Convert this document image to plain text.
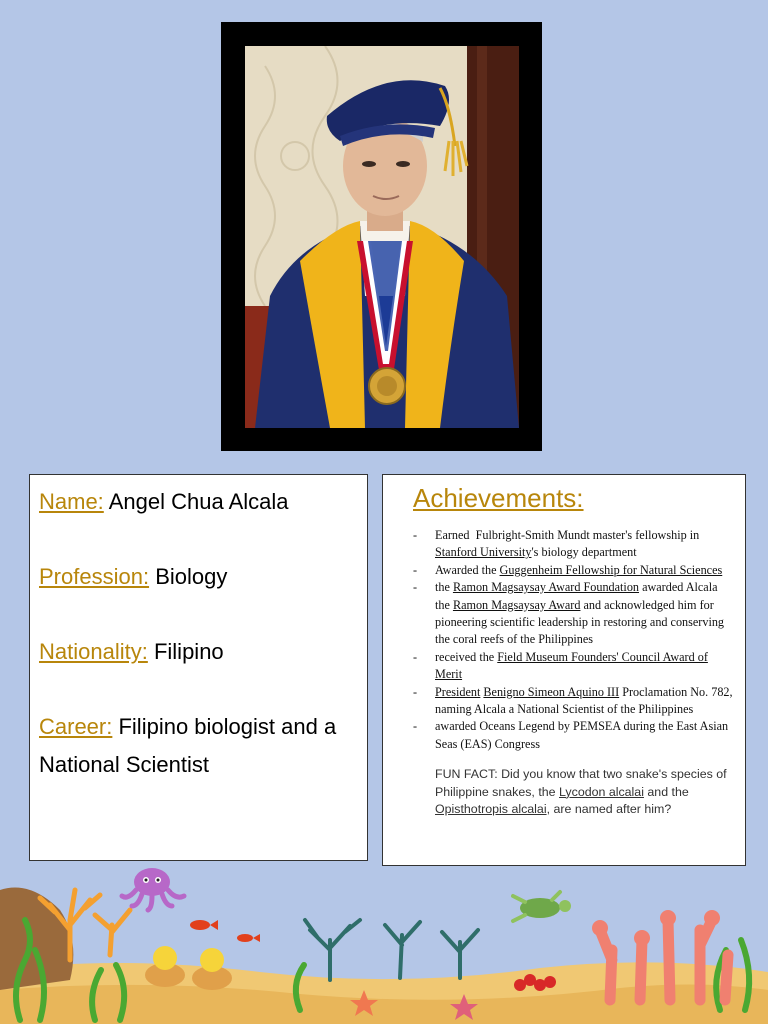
Name: Angel Chua Alcala
Profession: Biology
Nationality: Filipino
Career: Filipino biologist and a National Scientist
Achievements:
- Earned  Fulbright-Smith Mundt master's fellowship in Stanford University's biology department
- Awarded the Guggenheim Fellowship for Natural Sciences
- the Ramon Magsaysay Award Foundation awarded Alcala the Ramon Magsaysay Award and acknowledged him for pioneering scientific leadership in restoring and conserving the coral reefs of the Philippines
- received the Field Museum Founders' Council Award of Merit
- President Benigno Simeon Aquino III Proclamation No. 782, naming Alcala a National Scientist of the Philippines
- awarded Oceans Legend by PEMSEA during the East Asian Seas (EAS) Congress
FUN FACT: Did you know that two snake's species of Philippine snakes, the Lycodon alcalai and the Opisthotropis alcalai, are named after him?
